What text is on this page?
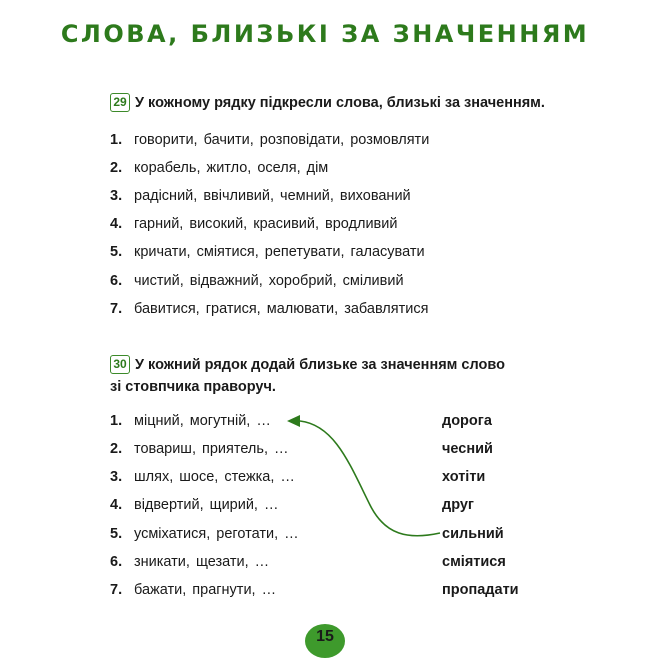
СЛОВА, БЛИЗЬКІ ЗА ЗНАЧЕННЯМ
29 У кожному рядку підкресли слова, близькі за значенням.
1. говорити, бачити, розповідати, розмовляти
2. корабель, житло, оселя, дім
3. радісний, ввічливий, чемний, вихований
4. гарний, високий, красивий, вродливий
5. кричати, сміятися, репетувати, галасувати
6. чистий, відважний, хоробрий, сміливий
7. бавитися, гратися, малювати, забавлятися
30 У кожний рядок додай близьке за значенням слово
зі стовпчика праворуч.
1. міцний, могутній, …
2. товариш, приятель, …
3. шлях, шосе, стежка, …
4. відвертий, щирий, …
5. усміхатися, реготати, …
6. зникати, щезати, …
7. бажати, прагнути, …
дорога
чесний
хотіти
друг
сильний
сміятися
пропадати
15
